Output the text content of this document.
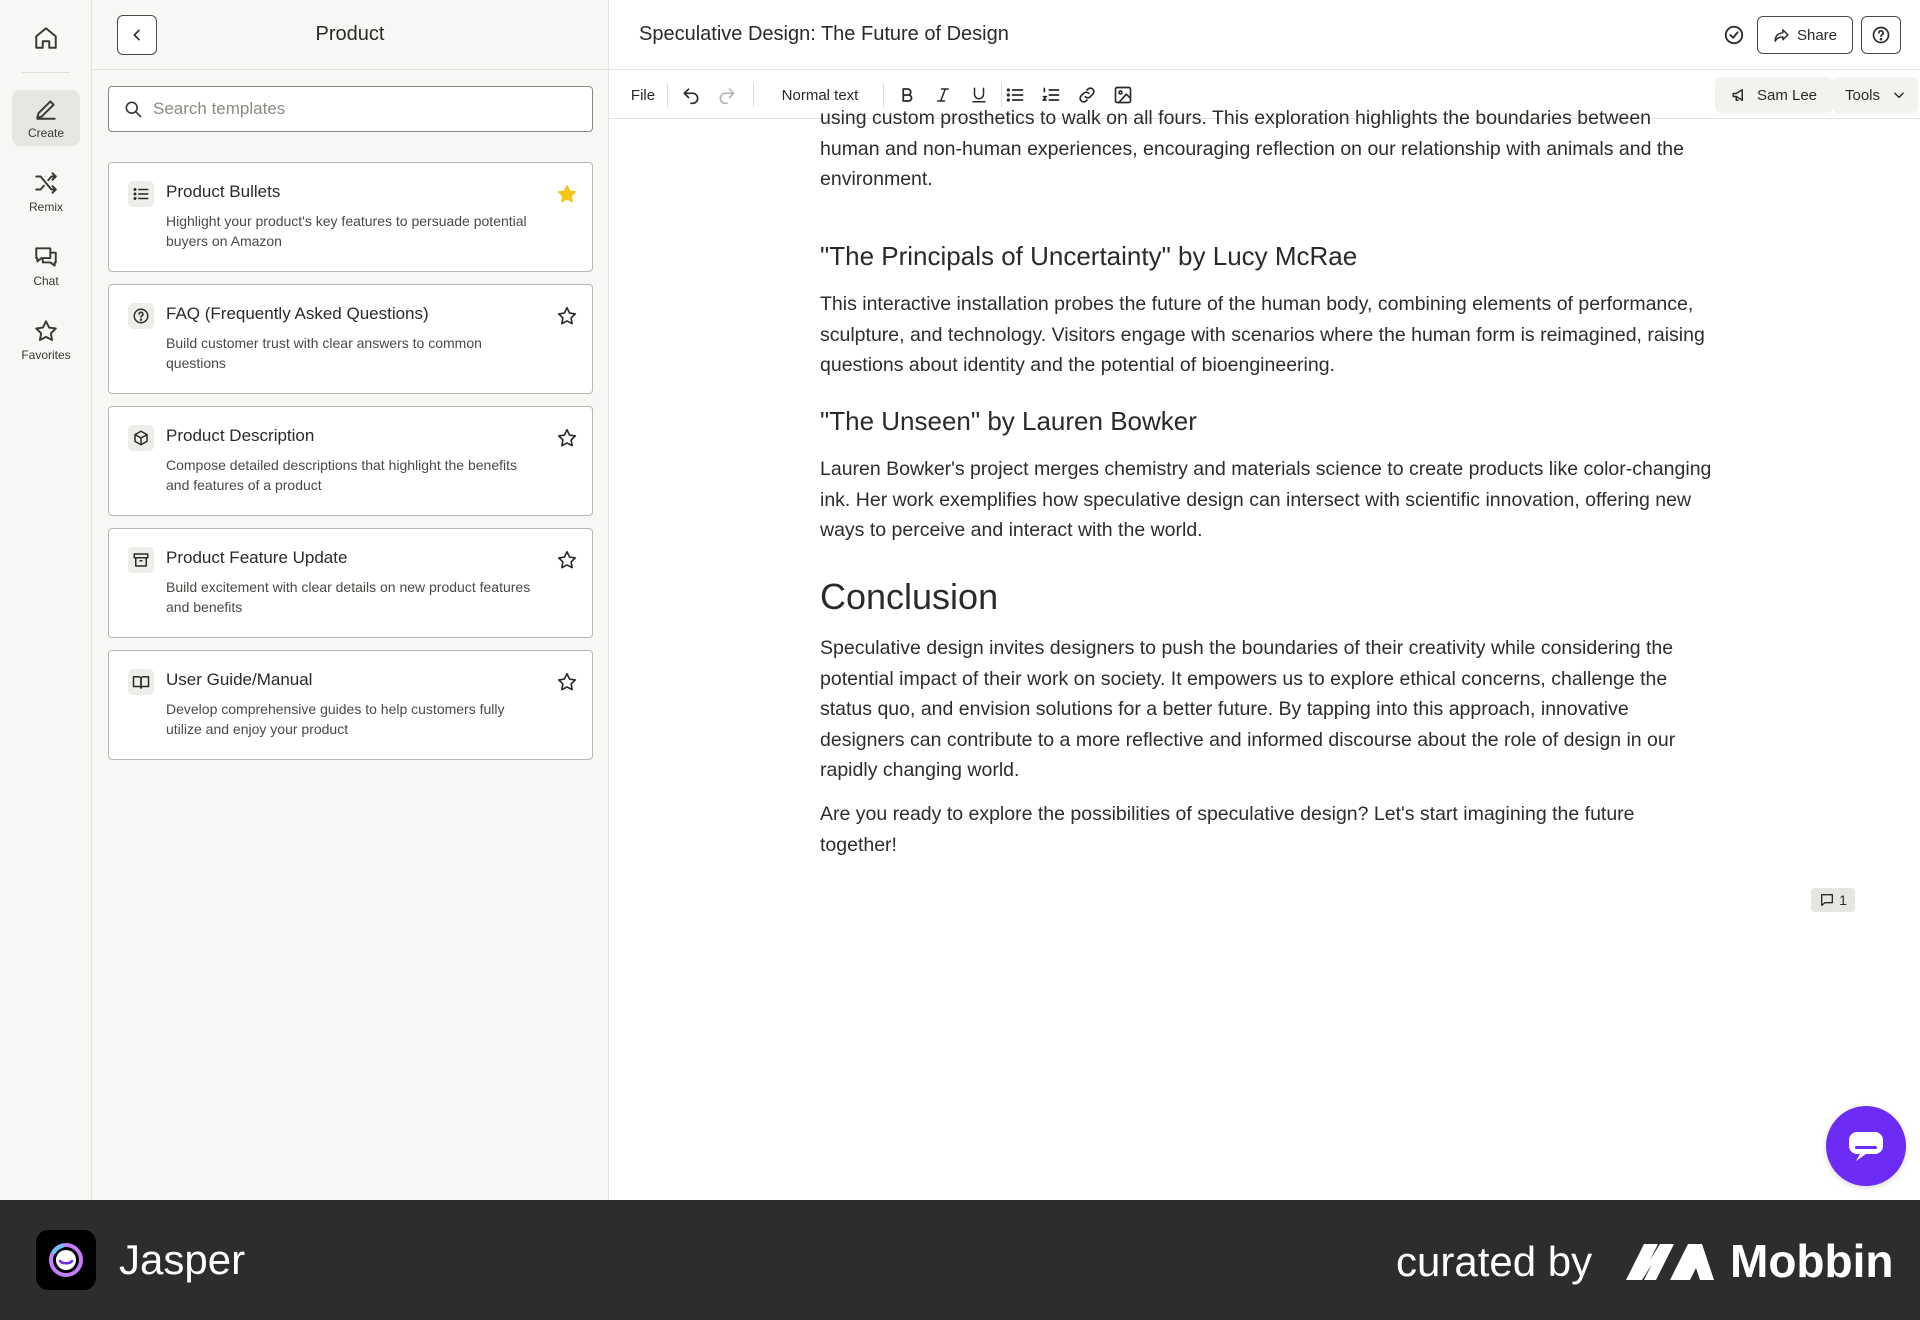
Create
Remix
Chat
Favorites
Product
Search templates
Product Bullets
Highlight your product's key features to persuade potential buyers on Amazon
FAQ (Frequently Asked Questions)
Build customer trust with clear answers to common questions
Product Description
Compose detailed descriptions that highlight the benefits and features of a product
Product Feature Update
Build excitement with clear details on new product features and benefits
User Guide/Manual
Develop comprehensive guides to help customers fully utilize and enjoy your product
Speculative Design: The Future of Design	Share
File	Normal text	Sam Lee Tools

using custom prosthetics to walk on all fours. This exploration highlights the boundaries between human and non-human experiences, encouraging reflection on our relationship with animals and the environment.

"The Principals of Uncertainty" by Lucy McRae

This interactive installation probes the future of the human body, combining elements of performance, sculpture, and technology. Visitors engage with scenarios where the human form is reimagined, raising questions about identity and the potential of bioengineering.

"The Unseen" by Lauren Bowker

Lauren Bowker's project merges chemistry and materials science to create products like color-changing ink. Her work exemplifies how speculative design can intersect with scientific innovation, offering new ways to perceive and interact with the world.

Conclusion

Speculative design invites designers to push the boundaries of their creativity while considering the potential impact of their work on society. It empowers us to explore ethical concerns, challenge the status quo, and envision solutions for a better future. By tapping into this approach, innovative designers can contribute to a more reflective and informed discourse about the role of design in our rapidly changing world.

Are you ready to explore the possibilities of speculative design? Let's start imagining the future together!

1
Jasper	curated by	Mobbin
